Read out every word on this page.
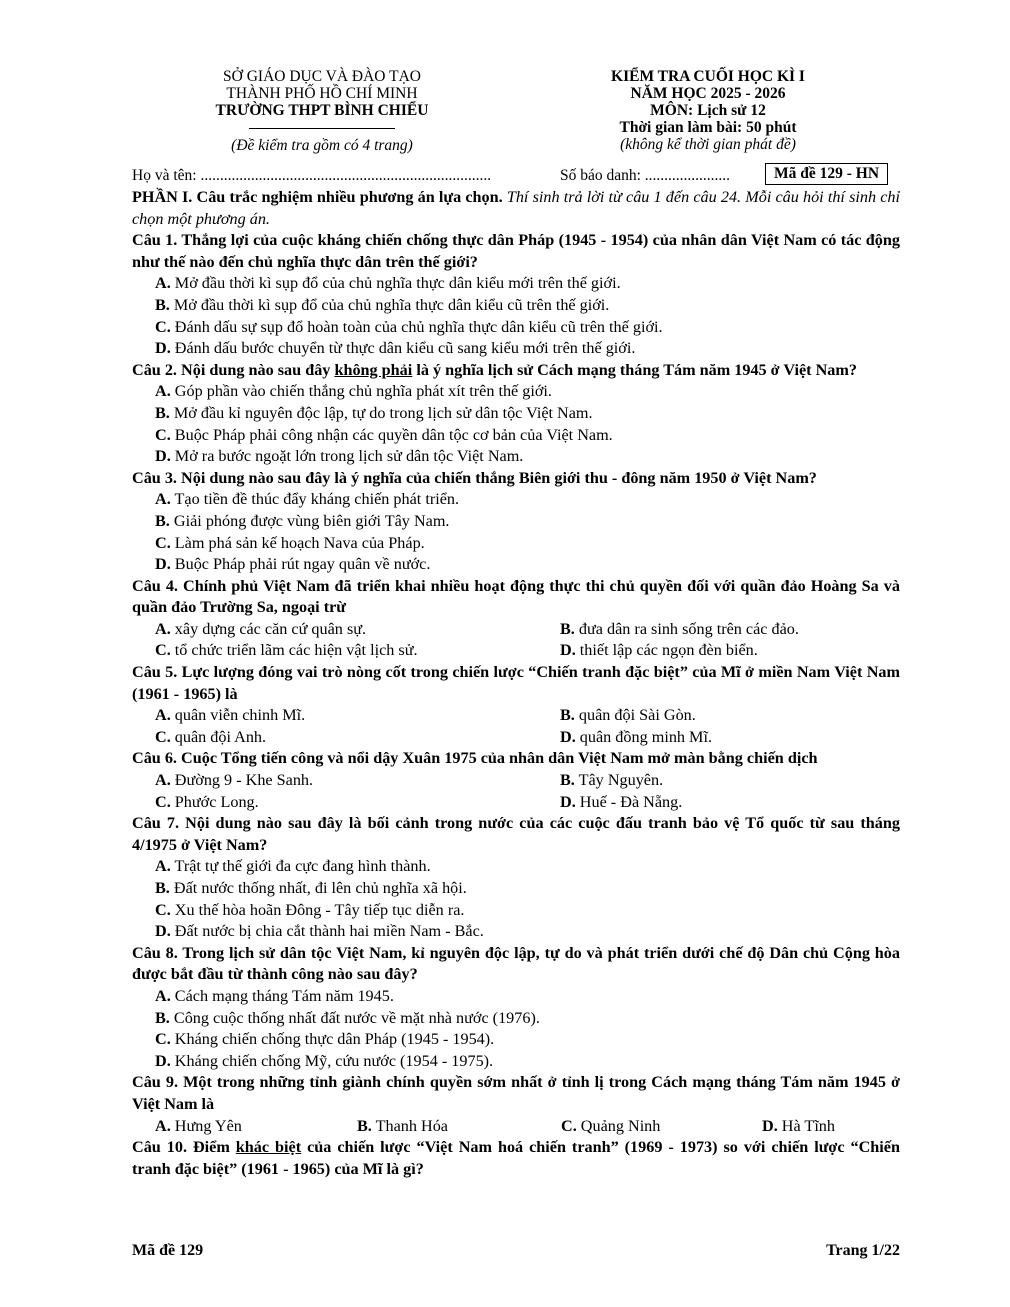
SỞ GIÁO DỤC VÀ ĐÀO TẠO
THÀNH PHỐ HỒ CHÍ MINH
TRƯỜNG THPT BÌNH CHIỂU
(Đề kiểm tra gồm có 4 trang)
KIỂM TRA CUỐI HỌC KÌ I
NĂM HỌC 2025 - 2026
MÔN: Lịch sử 12
Thời gian làm bài: 50 phút
(không kể thời gian phát đề)
Họ và tên: ...........................................................................	Số báo danh: ......................	Mã đề 129 - HN

PHẦN I. Câu trắc nghiệm nhiều phương án lựa chọn. Thí sinh trả lời từ câu 1 đến câu 24. Mỗi câu hỏi thí sinh chỉ chọn một phương án.

Câu 1. Thắng lợi của cuộc kháng chiến chống thực dân Pháp (1945 - 1954) của nhân dân Việt Nam có tác động như thế nào đến chủ nghĩa thực dân trên thế giới?

A. Mở đầu thời kì sụp đổ của chủ nghĩa thực dân kiểu mới trên thế giới.

B. Mở đầu thời kì sụp đổ của chủ nghĩa thực dân kiểu cũ trên thế giới.

C. Đánh dấu sự sụp đổ hoàn toàn của chủ nghĩa thực dân kiểu cũ trên thế giới.

D. Đánh dấu bước chuyển từ thực dân kiểu cũ sang kiểu mới trên thế giới.

Câu 2. Nội dung nào sau đây không phải là ý nghĩa lịch sử Cách mạng tháng Tám năm 1945 ở Việt Nam?

A. Góp phần vào chiến thắng chủ nghĩa phát xít trên thế giới.

B. Mở đầu kỉ nguyên độc lập, tự do trong lịch sử dân tộc Việt Nam.

C. Buộc Pháp phải công nhận các quyền dân tộc cơ bản của Việt Nam.

D. Mở ra bước ngoặt lớn trong lịch sử dân tộc Việt Nam.

Câu 3. Nội dung nào sau đây là ý nghĩa của chiến thắng Biên giới thu - đông năm 1950 ở Việt Nam?

A. Tạo tiền đề thúc đẩy kháng chiến phát triển.

B. Giải phóng được vùng biên giới Tây Nam.

C. Làm phá sản kế hoạch Nava của Pháp.

D. Buộc Pháp phải rút ngay quân về nước.

Câu 4. Chính phủ Việt Nam đã triển khai nhiều hoạt động thực thi chủ quyền đối với quần đảo Hoàng Sa và quần đảo Trường Sa, ngoại trừ

A. xây dựng các căn cứ quân sự.	B. đưa dân ra sinh sống trên các đảo.
C. tổ chức triển lãm các hiện vật lịch sử.	D. thiết lập các ngọn đèn biển.

Câu 5. Lực lượng đóng vai trò nòng cốt trong chiến lược “Chiến tranh đặc biệt” của Mĩ ở miền Nam Việt Nam (1961 - 1965) là

A. quân viễn chinh Mĩ.	B. quân đội Sài Gòn.
C. quân đội Anh.	D. quân đồng minh Mĩ.

Câu 6. Cuộc Tổng tiến công và nổi dậy Xuân 1975 của nhân dân Việt Nam mở màn bằng chiến dịch

A. Đường 9 - Khe Sanh.	B. Tây Nguyên.
C. Phước Long.	D. Huế - Đà Nẵng.

Câu 7. Nội dung nào sau đây là bối cảnh trong nước của các cuộc đấu tranh bảo vệ Tổ quốc từ sau tháng 4/1975 ở Việt Nam?

A. Trật tự thế giới đa cực đang hình thành.

B. Đất nước thống nhất, đi lên chủ nghĩa xã hội.

C. Xu thế hòa hoãn Đông - Tây tiếp tục diễn ra.

D. Đất nước bị chia cắt thành hai miền Nam - Bắc.

Câu 8. Trong lịch sử dân tộc Việt Nam, kỉ nguyên độc lập, tự do và phát triển dưới chế độ Dân chủ Cộng hòa được bắt đầu từ thành công nào sau đây?

A. Cách mạng tháng Tám năm 1945.

B. Công cuộc thống nhất đất nước về mặt nhà nước (1976).

C. Kháng chiến chống thực dân Pháp (1945 - 1954).

D. Kháng chiến chống Mỹ, cứu nước (1954 - 1975).

Câu 9. Một trong những tỉnh giành chính quyền sớm nhất ở tỉnh lị trong Cách mạng tháng Tám năm 1945 ở Việt Nam là

A. Hưng Yên	B. Thanh Hóa	C. Quảng Ninh	D. Hà Tĩnh

Câu 10. Điểm khác biệt của chiến lược “Việt Nam hoá chiến tranh” (1969 - 1973) so với chiến lược “Chiến tranh đặc biệt” (1961 - 1965) của Mĩ là gì?

Mã đề 129	Trang 1/22
